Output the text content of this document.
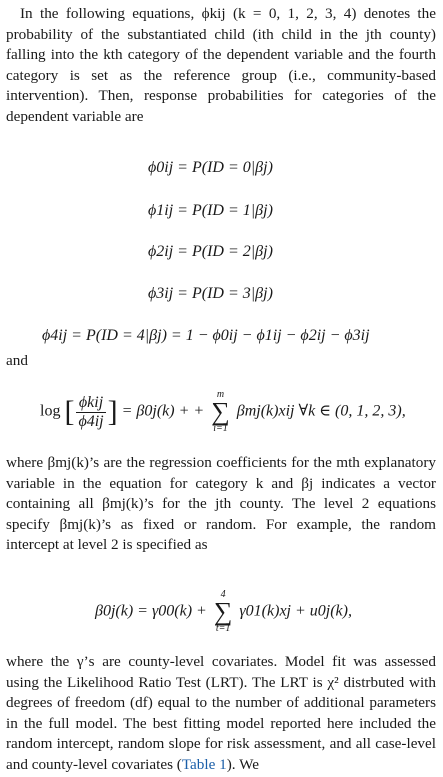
In the following equations, ϕkij (k = 0, 1, 2, 3, 4) denotes the probability of the substantiated child (ith child in the jth county) falling into the kth category of the dependent variable and the fourth category is set as the reference group (i.e., community-based intervention). Then, response probabilities for categories of the dependent variable are

ϕ0ij = P(ID = 0|βj)
ϕ1ij = P(ID = 1|βj)
ϕ2ij = P(ID = 2|βj)
ϕ3ij = P(ID = 3|βj)
ϕ4ij = P(ID = 4|βj) = 1 − ϕ0ij − ϕ1ij − ϕ2ij − ϕ3ij
and
log [ $\frac{\text{ϕkij}}{\phi 4ij}$ ] = β0j(k) + +
m
∑
i=1
βmj(k)xij ∀k ∈ (0, 1, 2, 3),

where βmj(k)’s are the regression coefficients for the mth explanatory variable in the equation for category k and βj indicates a vector containing all βmj(k)’s for the jth county. The level 2 equations specify βmj(k)’s as fixed or random. For example, the random intercept at level 2 is specified as

β0j(k) = γ00(k) +
4
∑
t=1
γ01(k)xj + u0j(k),

where the γ’s are county-level covariates. Model fit was assessed using the Likelihood Ratio Test (LRT). The LRT is χ² distrbuted with degrees of freedom (df) equal to the number of additional parameters in the full model. The best fitting model reported here included the random intercept, random slope for risk assessment, and all case-level and county-level covariates (Table 1). We
